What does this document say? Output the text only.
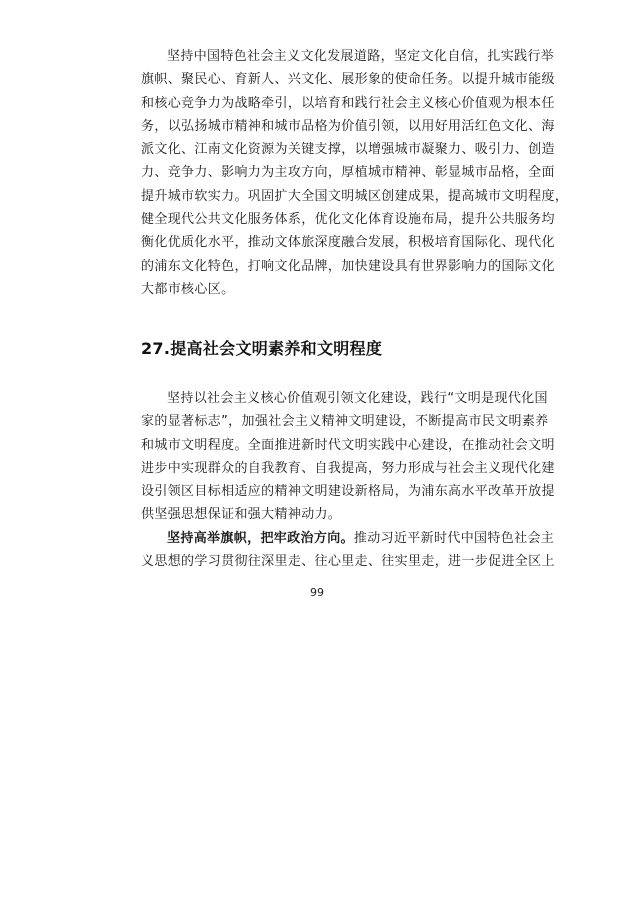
坚持中国特色社会主义文化发展道路，坚定文化自信，扎实践行举
旗帜、聚民心、育新人、兴文化、展形象的使命任务。以提升城市能级
和核心竞争力为战略牵引，以培育和践行社会主义核心价值观为根本任
务，以弘扬城市精神和城市品格为价值引领，以用好用活红色文化、海
派文化、江南文化资源为关键支撑，以增强城市凝聚力、吸引力、创造
力、竞争力、影响力为主攻方向，厚植城市精神、彰显城市品格，全面
提升城市软实力。巩固扩大全国文明城区创建成果，提高城市文明程度，
健全现代公共文化服务体系，优化文化体育设施布局，提升公共服务均
衡化优质化水平，推动文体旅深度融合发展，积极培育国际化、现代化
的浦东文化特色，打响文化品牌，加快建设具有世界影响力的国际文化
大都市核心区。
27.提高社会文明素养和文明程度
坚持以社会主义核心价值观引领文化建设，践行“文明是现代化国
家的显著标志”，加强社会主义精神文明建设，不断提高市民文明素养
和城市文明程度。全面推进新时代文明实践中心建设，在推动社会文明
进步中实现群众的自我教育、自我提高，努力形成与社会主义现代化建
设引领区目标相适应的精神文明建设新格局，为浦东高水平改革开放提
供坚强思想保证和强大精神动力。
坚持高举旗帜，把牢政治方向。推动习近平新时代中国特色社会主
义思想的学习贯彻往深里走、往心里走、往实里走，进一步促进全区上
99
